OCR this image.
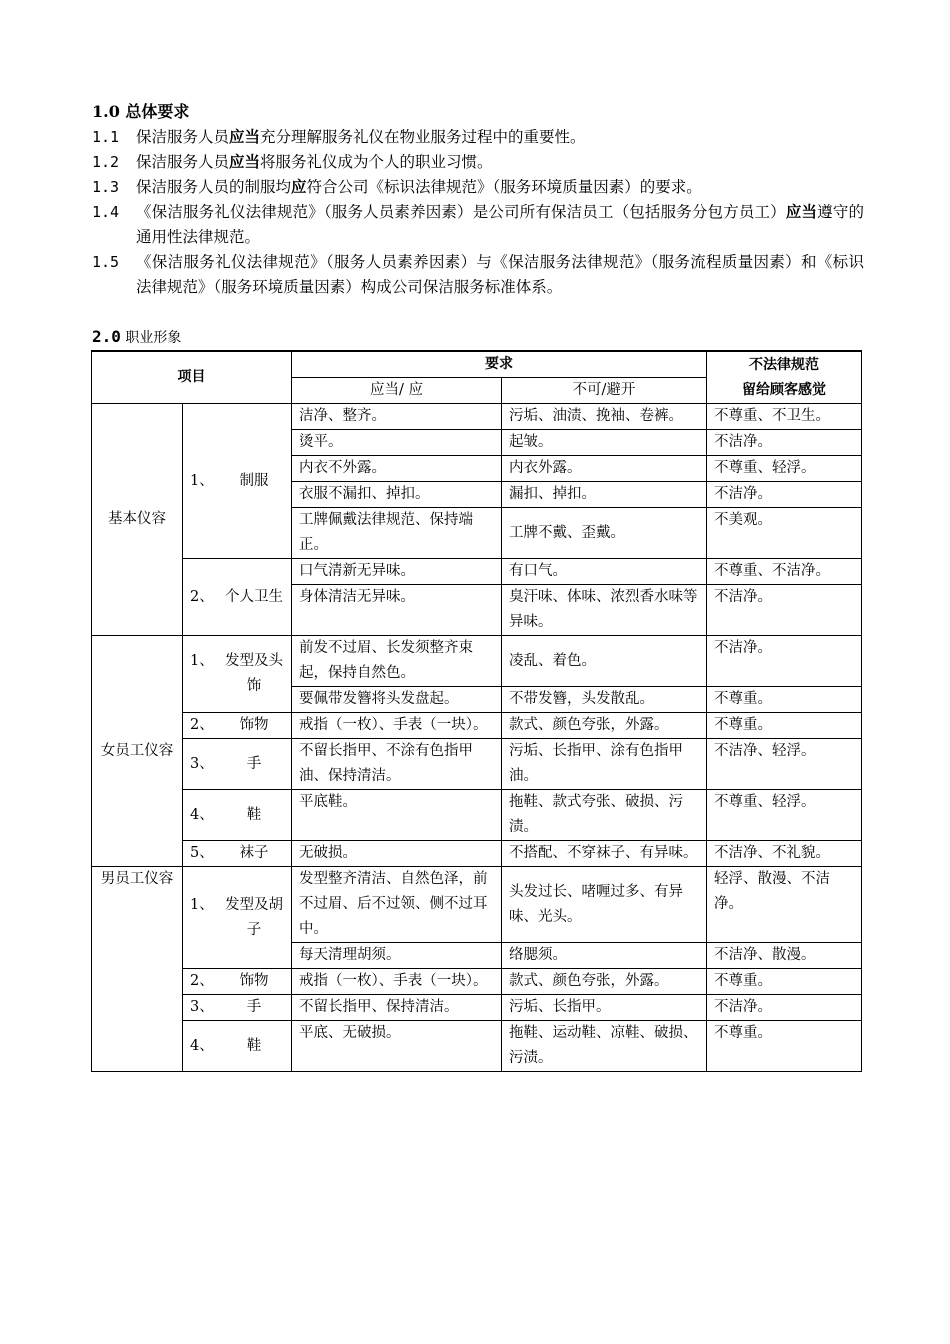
1.0 总体要求
1.1 保洁服务人员应当充分理解服务礼仪在物业服务过程中的重要性。
1.2 保洁服务人员应当将服务礼仪成为个人的职业习惯。
1.3 保洁服务人员的制服均应符合公司《标识法律规范》（服务环境质量因素）的要求。
1.4 《保洁服务礼仪法律规范》（服务人员素养因素）是公司所有保洁员工（包括服务分包方员工）应当遵守的通用性法律规范。
1.5 《保洁服务礼仪法律规范》（服务人员素养因素）与《保洁服务法律规范》（服务流程质量因素）和《标识法律规范》（服务环境质量因素）构成公司保洁服务标准体系。
2.0 职业形象
项目		要求		不法律规范
留给顾客感觉

		应当/ 应	不可/避开	
基本仪容	1、 制服	洁净、整齐。	污垢、油渍、挽袖、卷裤。	不尊重、不卫生。
		烫平。	起皱。	不洁净。
		内衣不外露。	内衣外露。	不尊重、轻浮。
		衣服不漏扣、掉扣。	漏扣、掉扣。	不洁净。
		工牌佩戴法律规范、保持端正。	工牌不戴、歪戴。	不美观。

	2、 个人卫生	口气清新无异味。	有口气。	不尊重、不洁净。
		身体清洁无异味。	臭汗味、体味、浓烈香水味等异味。	不洁净。
女员工仪容	1、 发型及头饰	前发不过眉、长发须整齐束起，保持自然色。	凌乱、着色。	不洁净。
		要佩带发簪将头发盘起。	不带发簪，头发散乱。	不尊重。

	2、 饰物	戒指（一枚）、手表（一块）。	款式、颜色夸张，外露。	不尊重。

	3、 手	不留长指甲、不涂有色指甲油、保持清洁。	污垢、长指甲、涂有色指甲油。	不洁净、轻浮。

	4、 鞋	平底鞋。	拖鞋、款式夸张、破损、污渍。	不尊重、轻浮。

	5、 袜子	无破损。	不搭配、不穿袜子、有异味。	不洁净、不礼貌。
男员工仪容	1、 发型及胡子	发型整齐清洁、自然色泽，前不过眉、后不过领、侧不过耳中。	头发过长、啫喱过多、有异味、光头。	轻浮、散漫、不洁净。
		每天清理胡须。	络腮须。	不洁净、散漫。

	2、 饰物	戒指（一枚）、手表（一块）。	款式、颜色夸张，外露。	不尊重。

	3、 手	不留长指甲、保持清洁。	污垢、长指甲。	不洁净。

	4、 鞋	平底、无破损。	拖鞋、运动鞋、凉鞋、破损、污渍。	不尊重。
